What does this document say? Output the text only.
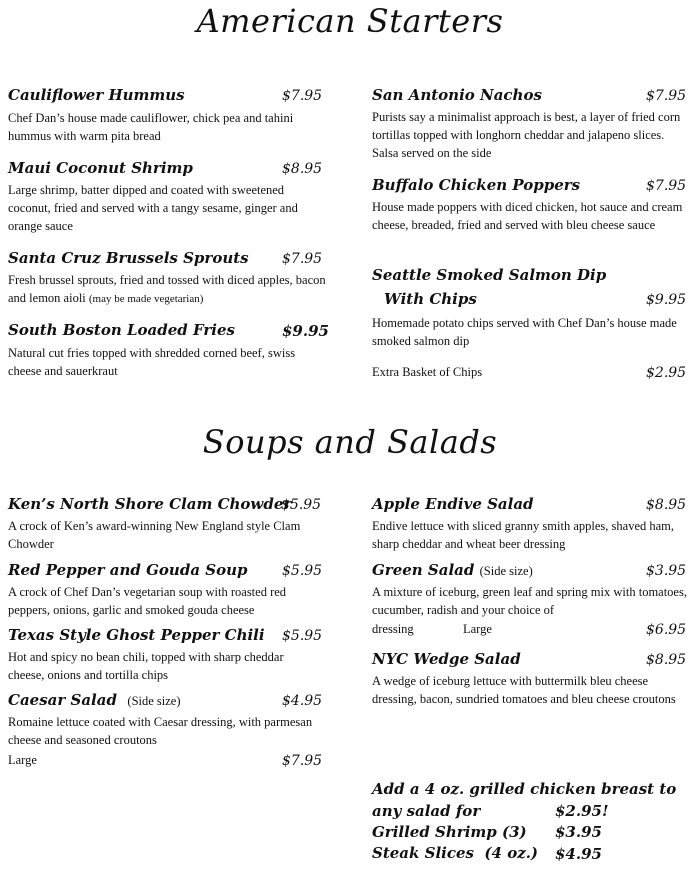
American Starters
Cauliflower Hummus	$7.95
Chef Dan’s house made cauliflower, chick pea and tahini hummus with warm pita bread
Maui Coconut Shrimp	$8.95
Large shrimp, batter dipped and coated with sweetened coconut, fried and served with a tangy sesame, ginger and orange sauce
Santa Cruz Brussels Sprouts $7.95
Fresh brussel sprouts, fried and tossed with diced apples, bacon and lemon aioli (may be made vegetarian)
South Boston Loaded Fries	$9.95
Natural cut fries topped with shredded corned beef, swiss cheese and sauerkraut
San Antonio Nachos	$7.95
Purists say a minimalist approach is best, a layer of fried corn tortillas topped with longhorn cheddar and jalapeno slices. Salsa served on the side
Buffalo Chicken Poppers	$7.95
House made poppers with diced chicken, hot sauce and cream cheese, breaded, fried and served with bleu cheese sauce
Seattle Smoked Salmon Dip
With Chips	$9.95
Homemade potato chips served with Chef Dan’s house made smoked salmon dip
Extra Basket of Chips	$2.95
Soups and Salads
Ken’s North Shore Clam Chowder
$5.95
A crock of Ken’s award-winning New England style Clam Chowder
Red Pepper and Gouda Soup $5.95
A crock of Chef Dan’s vegetarian soup with roasted red peppers, onions, garlic and smoked gouda cheese
Texas Style Ghost Pepper Chili $5.95
Hot and spicy no bean chili, topped with sharp cheddar cheese, onions and tortilla chips
Caesar Salad (Side size)	$4.95
Romaine lettuce coated with Caesar dressing, with parmesan cheese and seasoned croutons
Large	$7.95
Apple Endive Salad	$8.95
Endive lettuce with sliced granny smith apples, shaved ham, sharp cheddar and wheat beer dressing
Green Salad (Side size)	$3.95
A mixture of iceburg, green leaf and spring mix with tomatoes, cucumber, radish and your choice of
dressing	Large	$6.95
NYC Wedge Salad	$8.95
A wedge of iceburg lettuce with buttermilk bleu cheese dressing, bacon, sundried tomatoes and bleu cheese croutons
Add a 4 oz. grilled chicken breast to
any salad for	$2.95!
Grilled Shrimp (3) $3.95
Steak Slices  (4 oz.) $4.95
